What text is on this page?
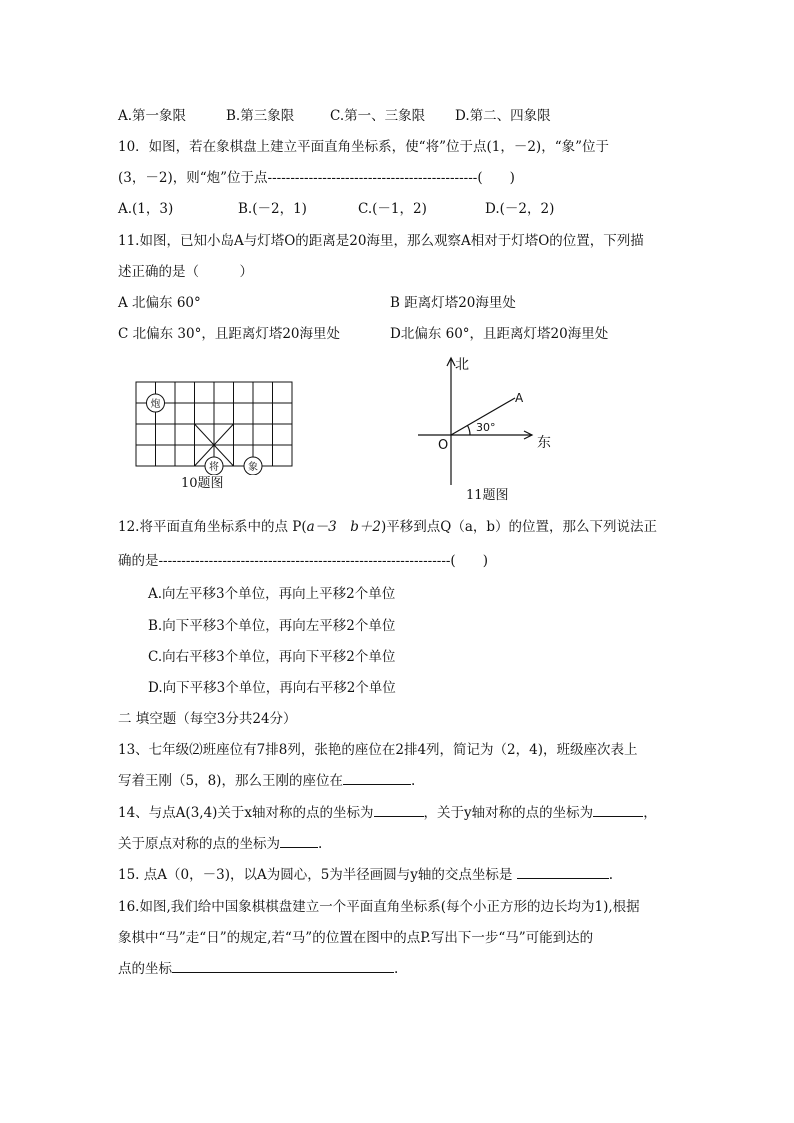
A.第一象限	B.第三象限	C.第一、三象限 D.第二、四象限
10．如图，若在象棋盘上建立平面直角坐标系，使“将”位于点(1，－2)，“象”位于
(3，－2)，则“炮”位于点----------------------------------------------(　　)
A.(1，3)	B.(－2，1)	C.(－1，2)	D.(－2，2)
11.如图，已知小岛A与灯塔O的距离是20海里，那么观察A相对于灯塔O的位置，下列描
述正确的是（　　　）
A 北偏东 60°	B 距离灯塔20海里处
C 北偏东 30°，且距离灯塔20海里处	D北偏东 60°，且距离灯塔20海里处
炮
将	象
10题图
北
东
O
A
30°
11题图
12.将平面直角坐标系中的点 P(a－3　b＋2)平移到点Q（a，b）的位置，那么下列说法正
确的是----------------------------------------------------------------(　　)
A.向左平移3个单位，再向上平移2个单位
B.向下平移3个单位，再向左平移2个单位
C.向右平移3个单位，再向下平移2个单位
D.向下平移3个单位，再向右平移2个单位
二 填空题（每空3分共24分）
13、七年级⑵班座位有7排8列，张艳的座位在2排4列，简记为（2，4)，班级座次表上
写着王刚（5，8)，那么王刚的座位在	.
14、与点A(3,4)关于x轴对称的点的坐标为	，关于y轴对称的点的坐标为	，
关于原点对称的点的坐标为	.
15. 点A（0，－3)，以A为圆心，5为半径画圆与y轴的交点坐标是	.
16.如图,我们给中国象棋棋盘建立一个平面直角坐标系(每个小正方形的边长均为1),根据
象棋中“马”走“日”的规定,若“马”的位置在图中的点P.写出下一步“马”可能到达的
点的坐标	.
